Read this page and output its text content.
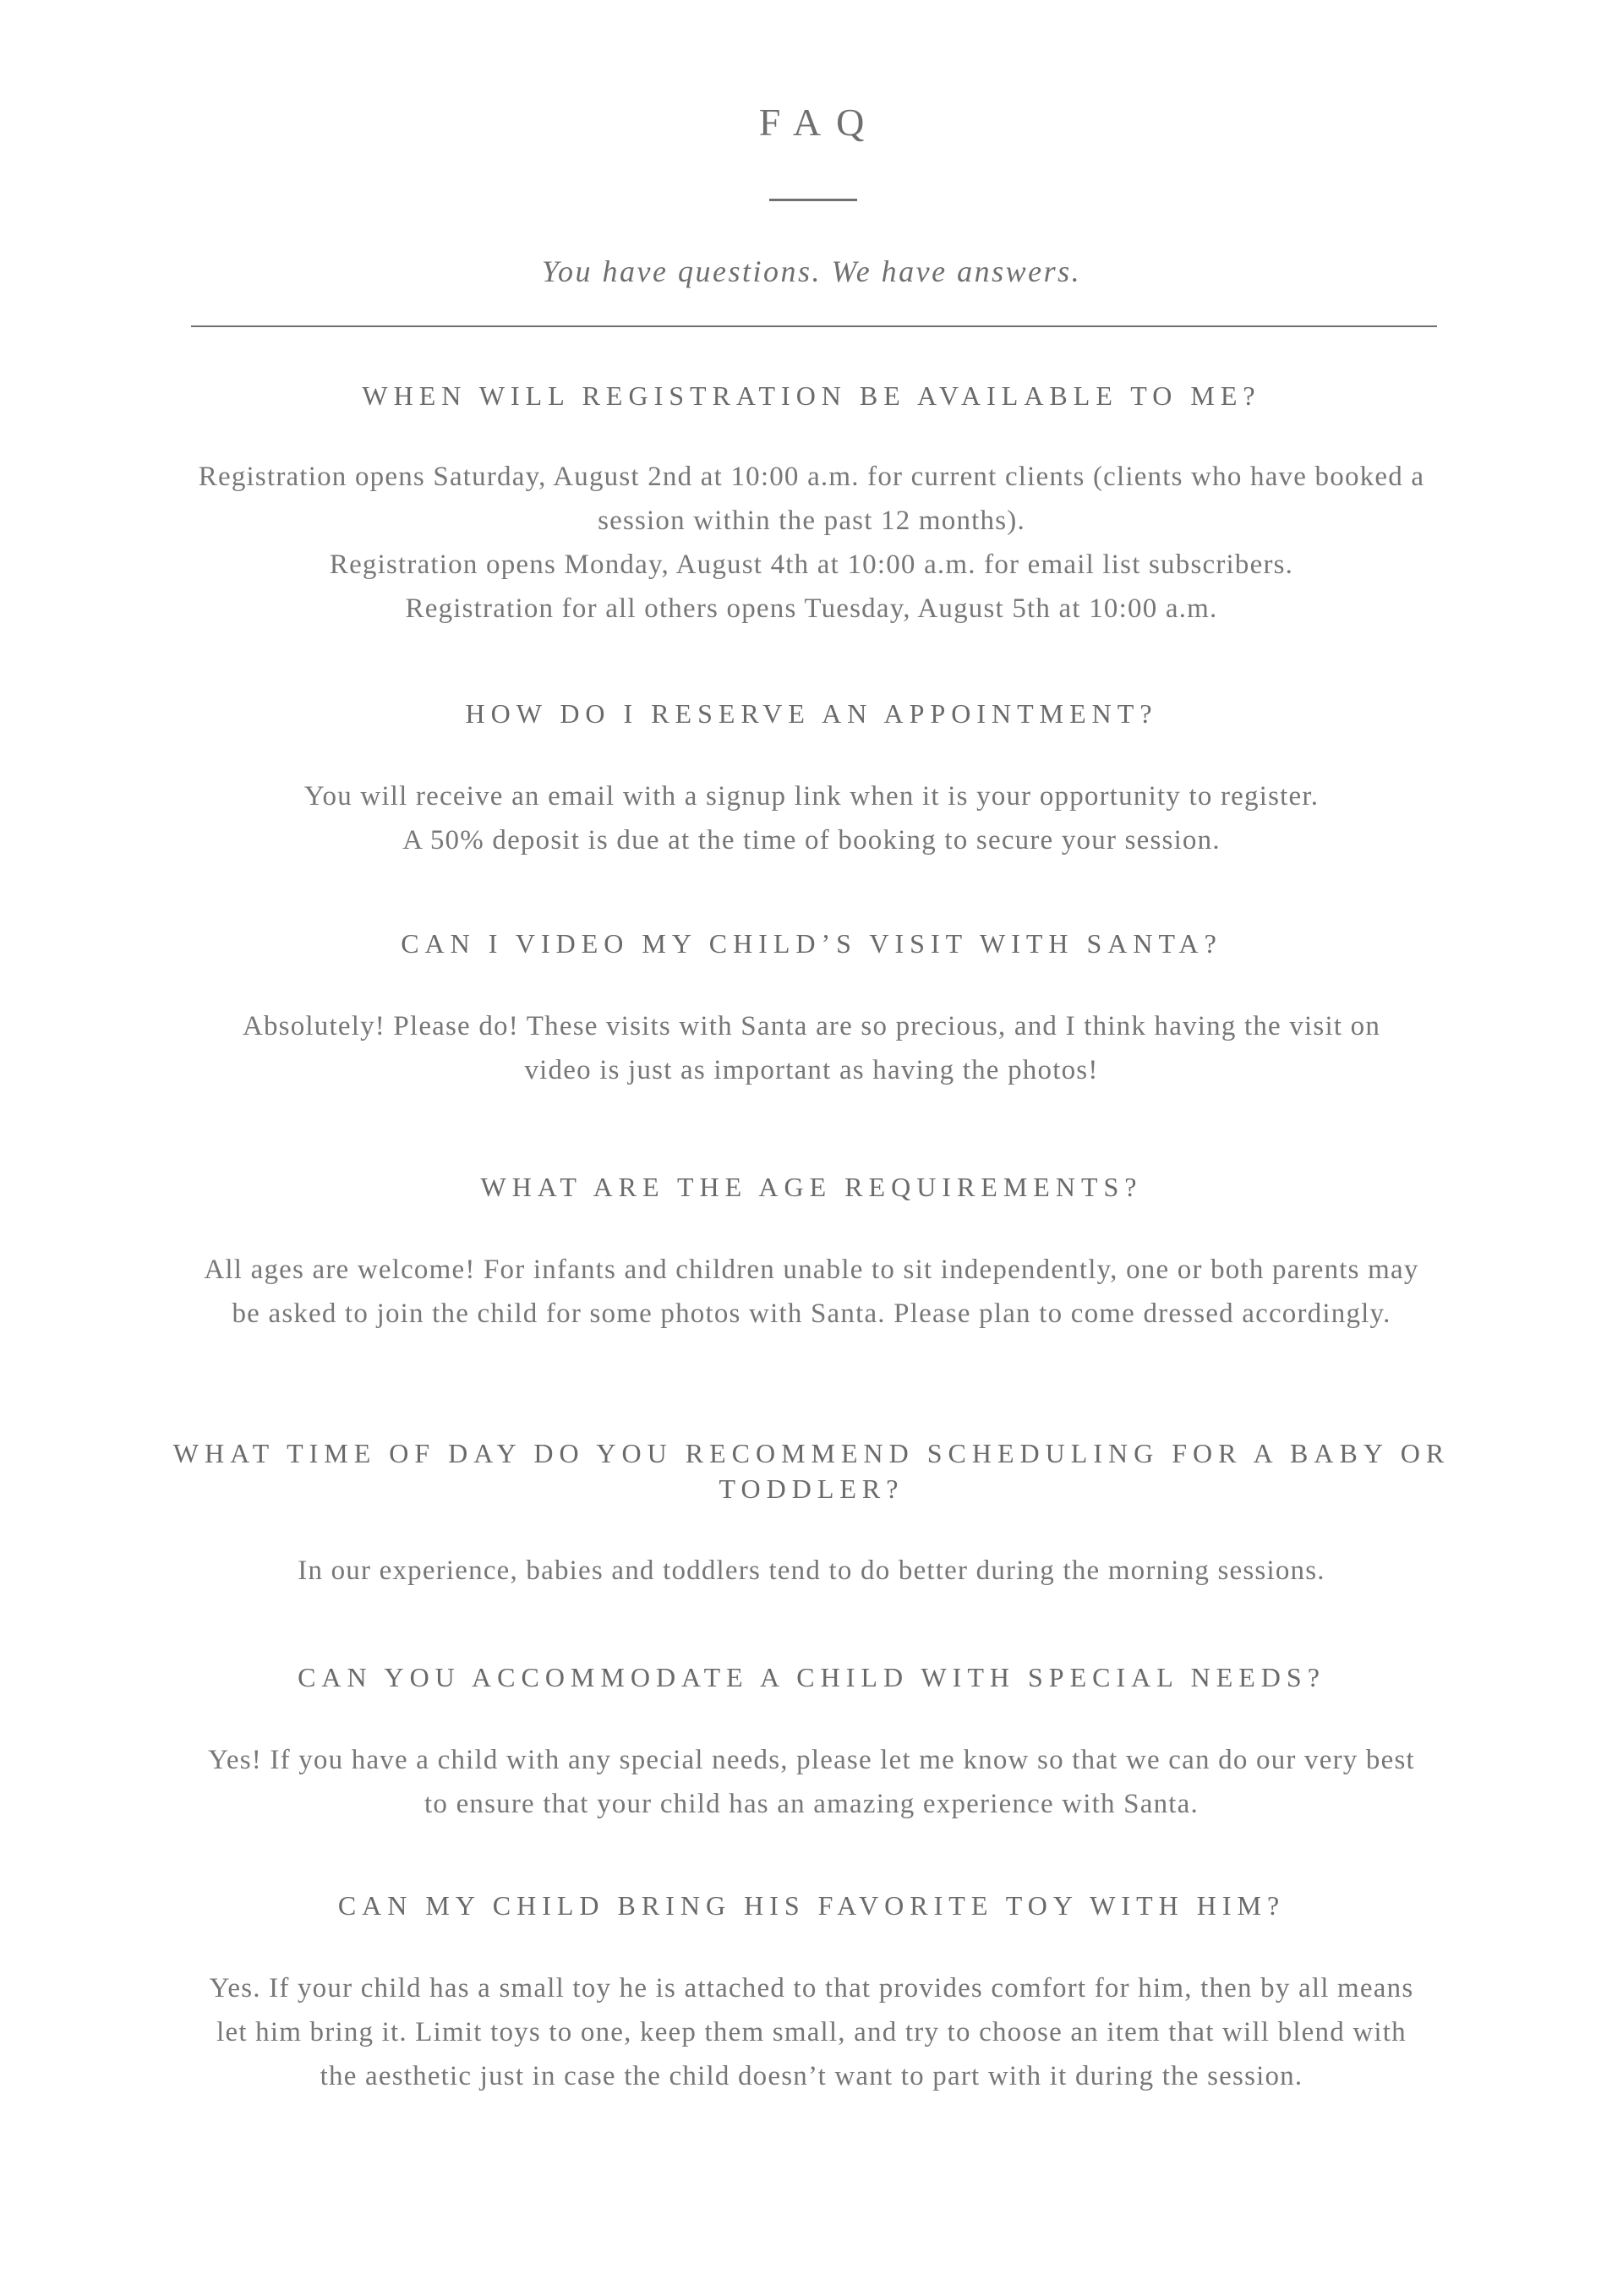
FAQ

You have questions. We have answers.

WHEN WILL REGISTRATION BE AVAILABLE TO ME?

Registration opens Saturday, August 2nd at 10:00 a.m. for current clients (clients who have booked a session within the past 12 months).
Registration opens Monday, August 4th at 10:00 a.m. for email list subscribers.
Registration for all others opens Tuesday, August 5th at 10:00 a.m.

HOW DO I RESERVE AN APPOINTMENT?

You will receive an email with a signup link when it is your opportunity to register.
A 50% deposit is due at the time of booking to secure your session.

CAN I VIDEO MY CHILD’S VISIT WITH SANTA?

Absolutely! Please do! These visits with Santa are so precious, and I think having the visit on video is just as important as having the photos!

WHAT ARE THE AGE REQUIREMENTS?

All ages are welcome! For infants and children unable to sit independently, one or both parents may be asked to join the child for some photos with Santa. Please plan to come dressed accordingly.

WHAT TIME OF DAY DO YOU RECOMMEND SCHEDULING FOR A BABY OR TODDLER?

In our experience, babies and toddlers tend to do better during the morning sessions.

CAN YOU ACCOMMODATE A CHILD WITH SPECIAL NEEDS?

Yes! If you have a child with any special needs, please let me know so that we can do our very best to ensure that your child has an amazing experience with Santa.

CAN MY CHILD BRING HIS FAVORITE TOY WITH HIM?

Yes. If your child has a small toy he is attached to that provides comfort for him, then by all means let him bring it. Limit toys to one, keep them small, and try to choose an item that will blend with the aesthetic just in case the child doesn’t want to part with it during the session.
